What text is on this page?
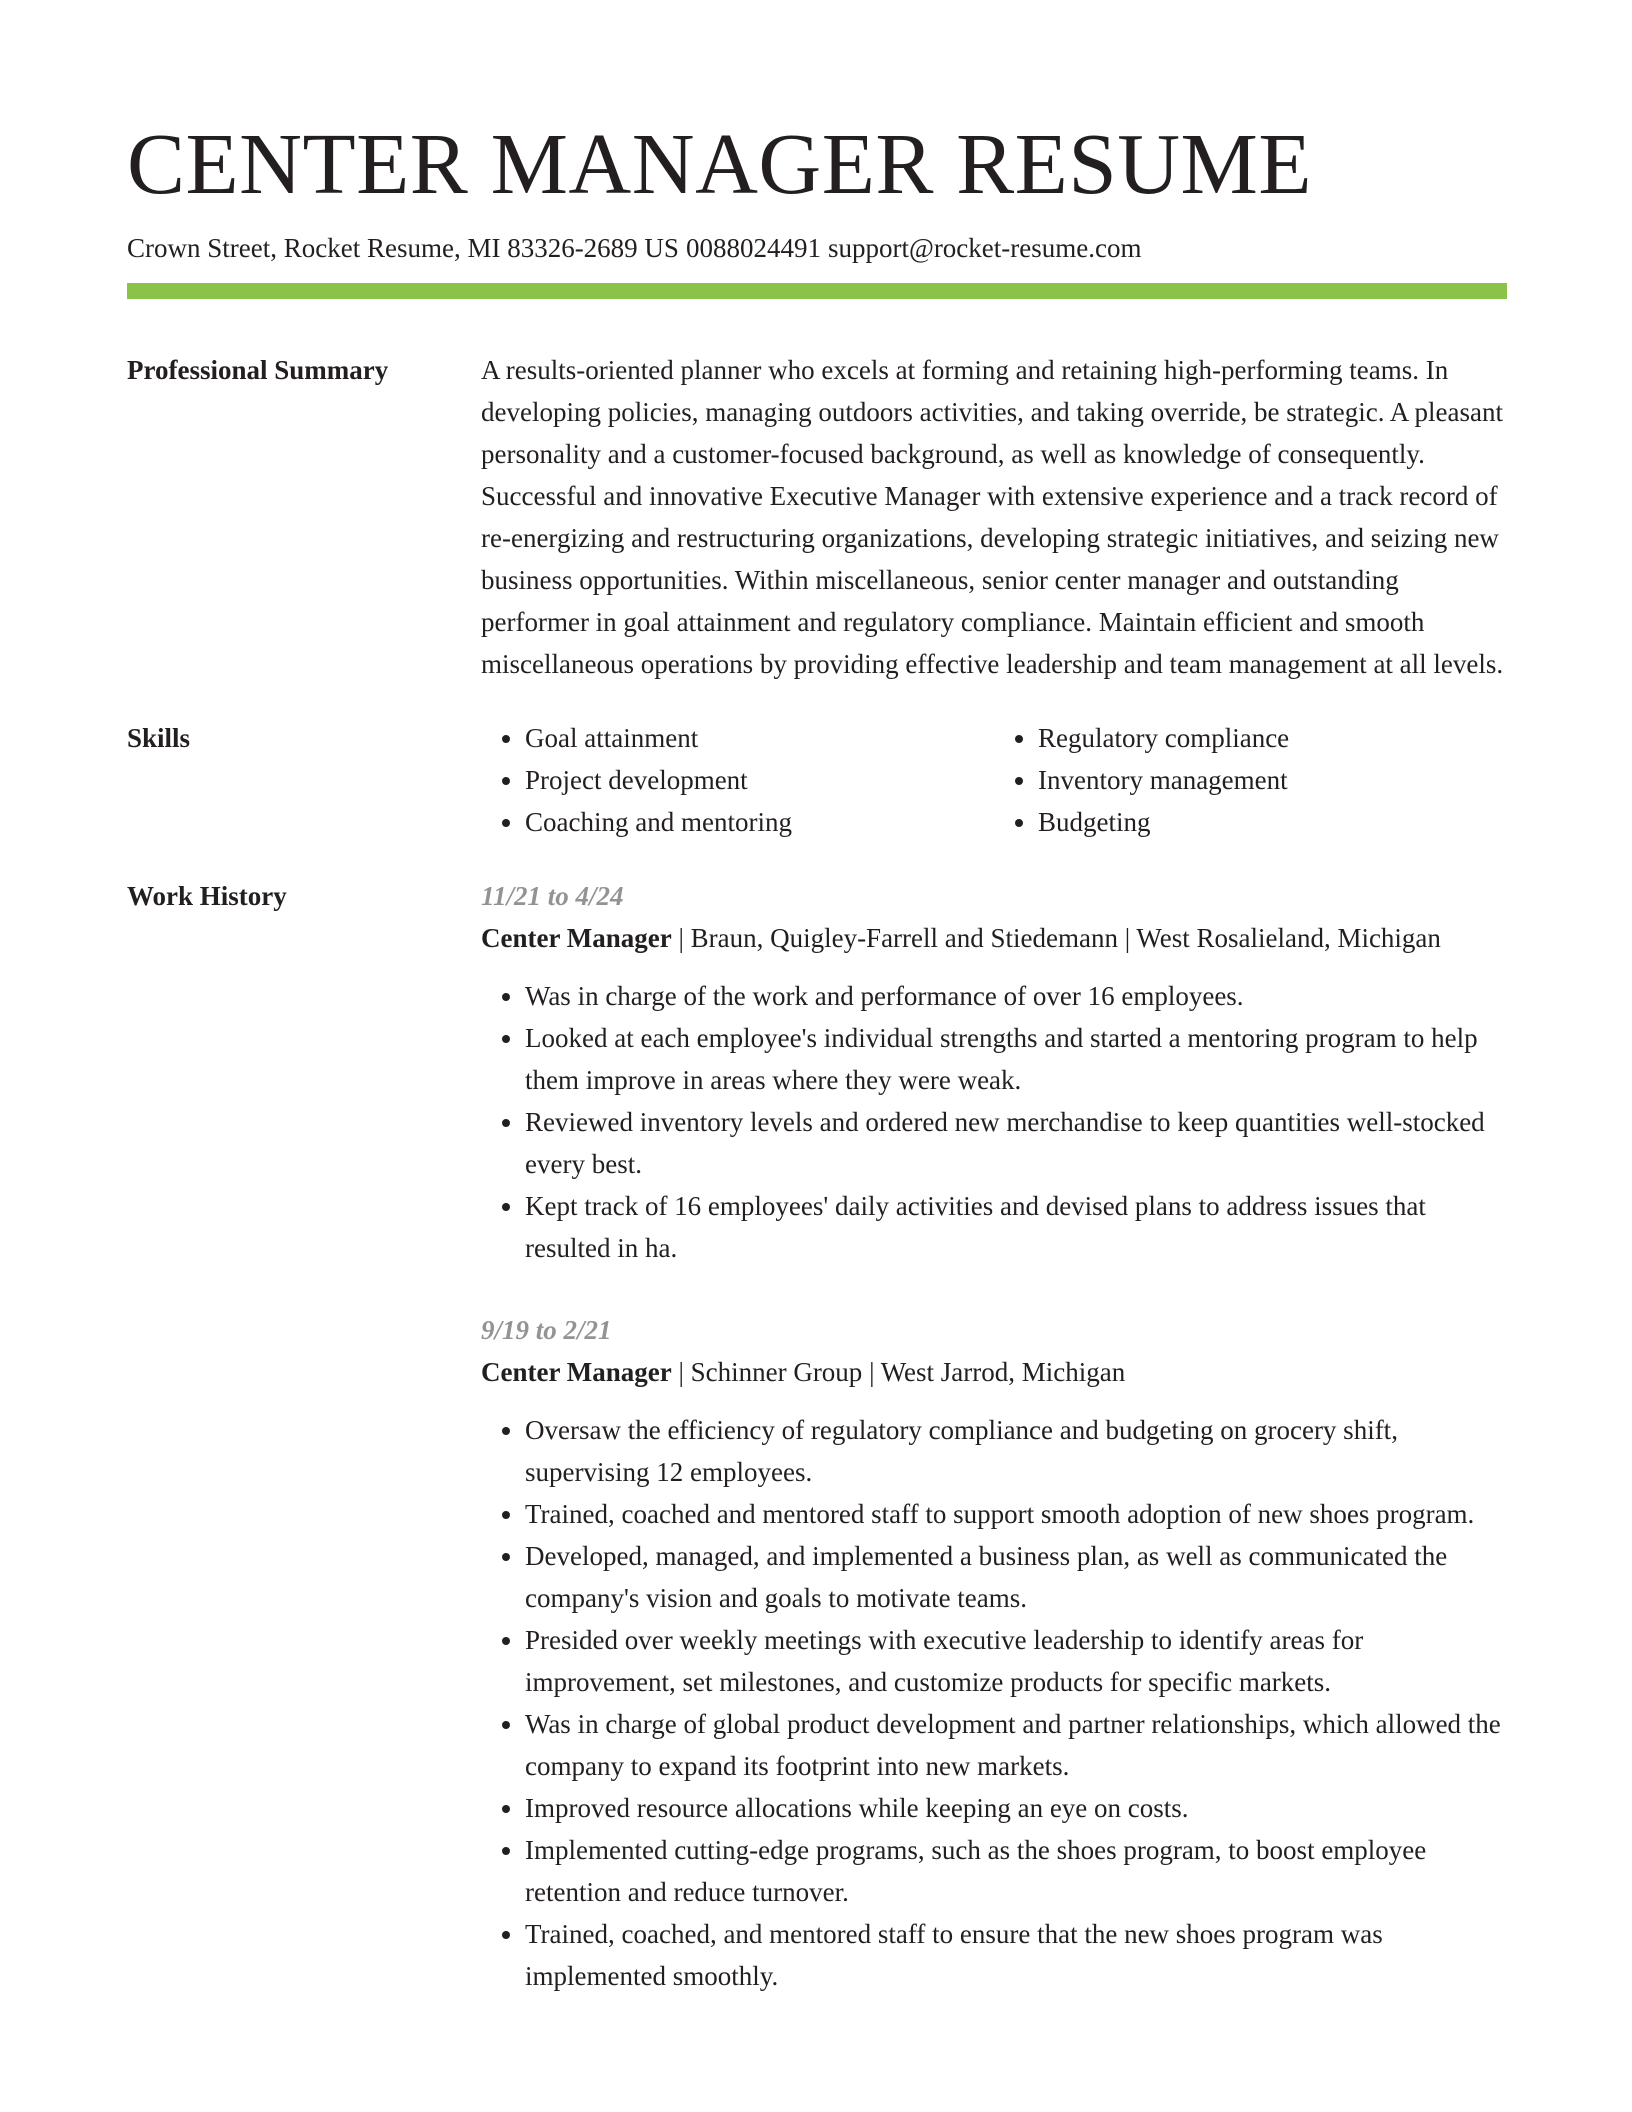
CENTER MANAGER RESUME
Crown Street, Rocket Resume, MI 83326-2689 US 0088024491 support@rocket-resume.com
Professional Summary	A results-oriented planner who excels at forming and retaining high-performing teams. In developing policies, managing outdoors activities, and taking override, be strategic. A pleasant personality and a customer-focused background, as well as knowledge of consequently. Successful and innovative Executive Manager with extensive experience and a track record of re-energizing and restructuring organizations, developing strategic initiatives, and seizing new business opportunities. Within miscellaneous, senior center manager and outstanding performer in goal attainment and regulatory compliance. Maintain efficient and smooth miscellaneous operations by providing effective leadership and team management at all levels.
Skills
•	Goal attainment
• Project development
• Coaching and mentoring
• Regulatory compliance
• Inventory management
• Budgeting
Work History	11/21 to 4/24
Center Manager | Braun, Quigley-Farrell and Stiedemann | West Rosalieland, Michigan
• Was in charge of the work and performance of over 16 employees.
• Looked at each employee's individual strengths and started a mentoring program to help them improve in areas where they were weak.
• Reviewed inventory levels and ordered new merchandise to keep quantities well-stocked every best.
• Kept track of 16 employees' daily activities and devised plans to address issues that resulted in ha.
9/19 to 2/21
Center Manager | Schinner Group | West Jarrod, Michigan
• Oversaw the efficiency of regulatory compliance and budgeting on grocery shift, supervising 12 employees.
• Trained, coached and mentored staff to support smooth adoption of new shoes program.
• Developed, managed, and implemented a business plan, as well as communicated the company's vision and goals to motivate teams.
• Presided over weekly meetings with executive leadership to identify areas for improvement, set milestones, and customize products for specific markets.
• Was in charge of global product development and partner relationships, which allowed the company to expand its footprint into new markets.
• Improved resource allocations while keeping an eye on costs.
• Implemented cutting-edge programs, such as the shoes program, to boost employee retention and reduce turnover.
• Trained, coached, and mentored staff to ensure that the new shoes program was implemented smoothly.
